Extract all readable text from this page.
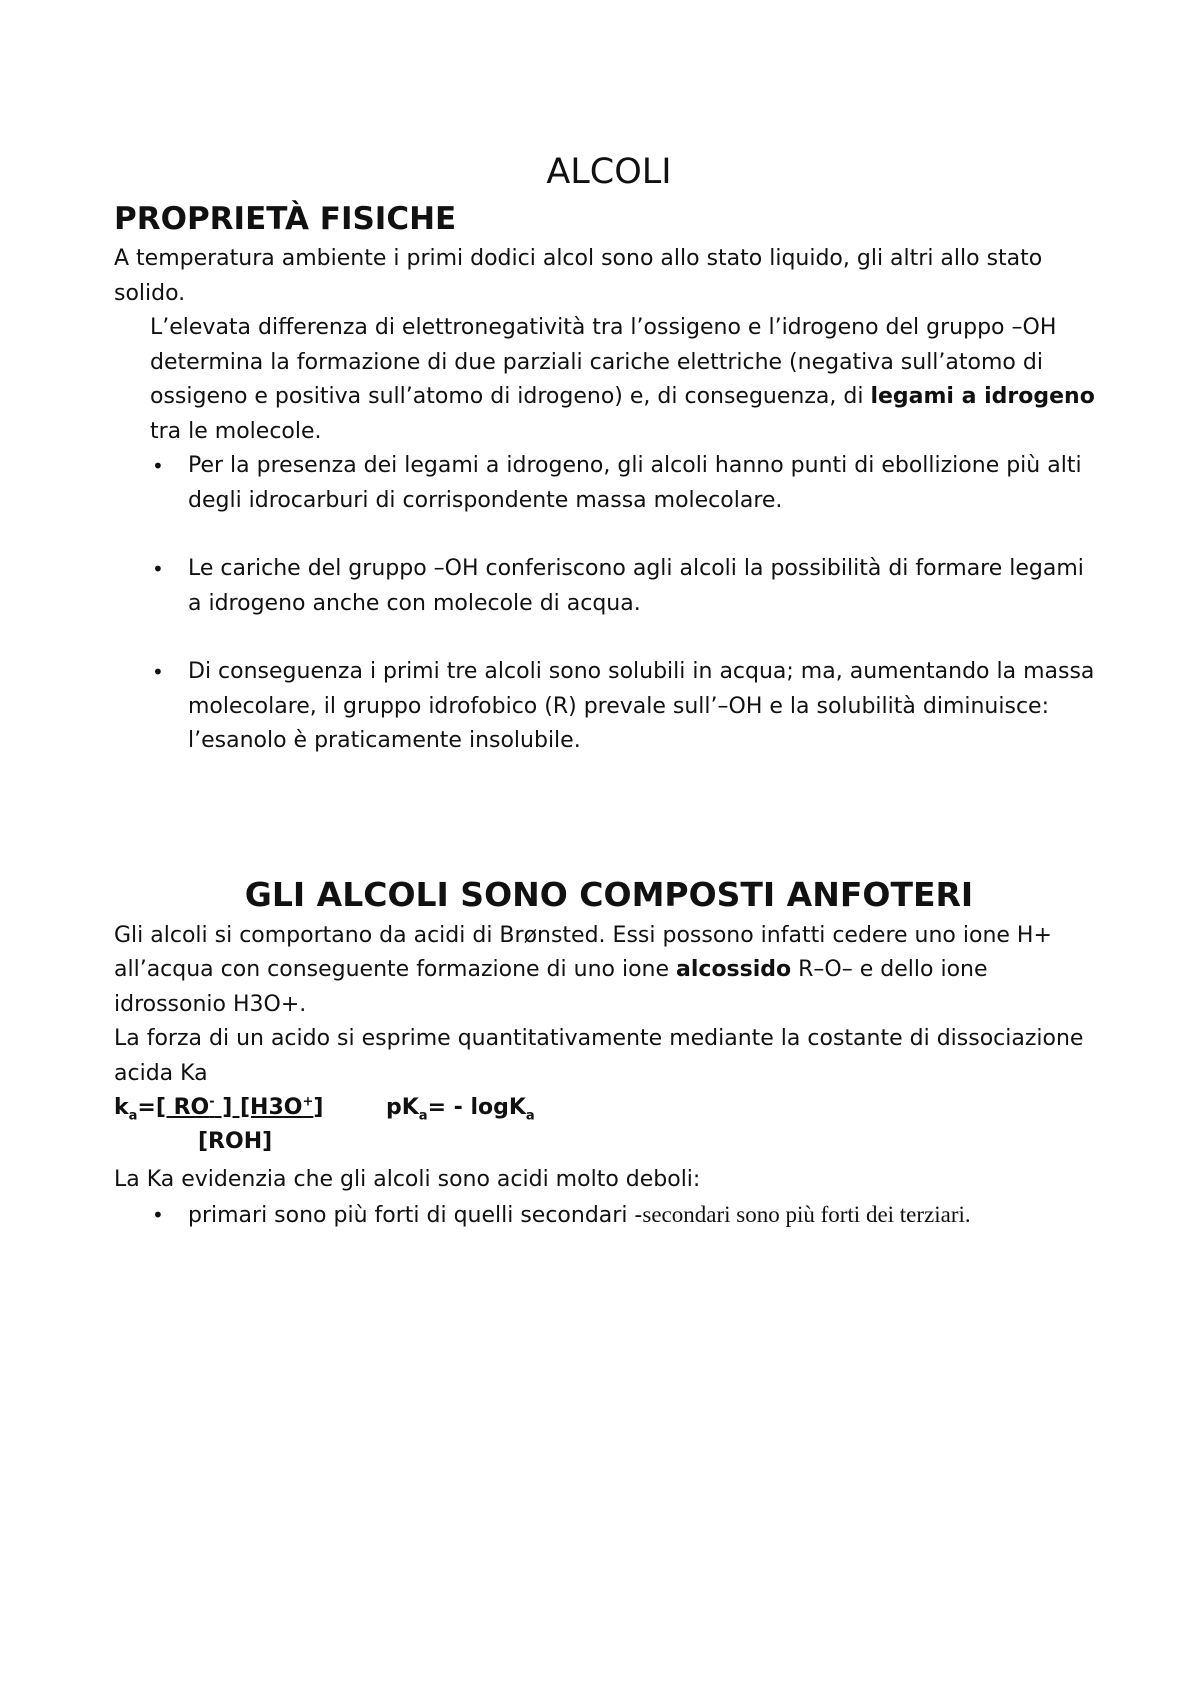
ALCOLI
PROPRIETÀ FISICHE

A temperatura ambiente i primi dodici alcol sono allo stato liquido, gli altri allo stato solido.

L’elevata differenza di elettronegatività tra l’ossigeno e l’idrogeno del gruppo –OH determina la formazione di due parziali cariche elettriche (negativa sull’atomo di ossigeno e positiva sull’atomo di idrogeno) e, di conseguenza, di legami a idrogeno tra le molecole.

• Per la presenza dei legami a idrogeno, gli alcoli hanno punti di ebollizione più alti degli idrocarburi di corrispondente massa molecolare.
• Le cariche del gruppo –OH conferiscono agli alcoli la possibilità di formare legami a idrogeno anche con molecole di acqua.
• Di conseguenza i primi tre alcoli sono solubili in acqua; ma, aumentando la massa molecolare, il gruppo idrofobico (R) prevale sull’–OH e la solubilità diminuisce: l’esanolo è praticamente insolubile.
GLI ALCOLI SONO COMPOSTI ANFOTERI

Gli alcoli si comportano da acidi di Brønsted. Essi possono infatti cedere uno ione H+ all’acqua con conseguente formazione di uno ione alcossido R–O– e dello ione idrossonio H3O+.

La forza di un acido si esprime quantitativamente mediante la costante di dissociazione acida Ka

$k_a=$[ RO- ] [H3O+]	$pK_a= - \log K_a$
[ROH]

La Ka evidenzia che gli alcoli sono acidi molto deboli:

• primari sono più forti di quelli secondari -secondari sono più forti dei terziari.
